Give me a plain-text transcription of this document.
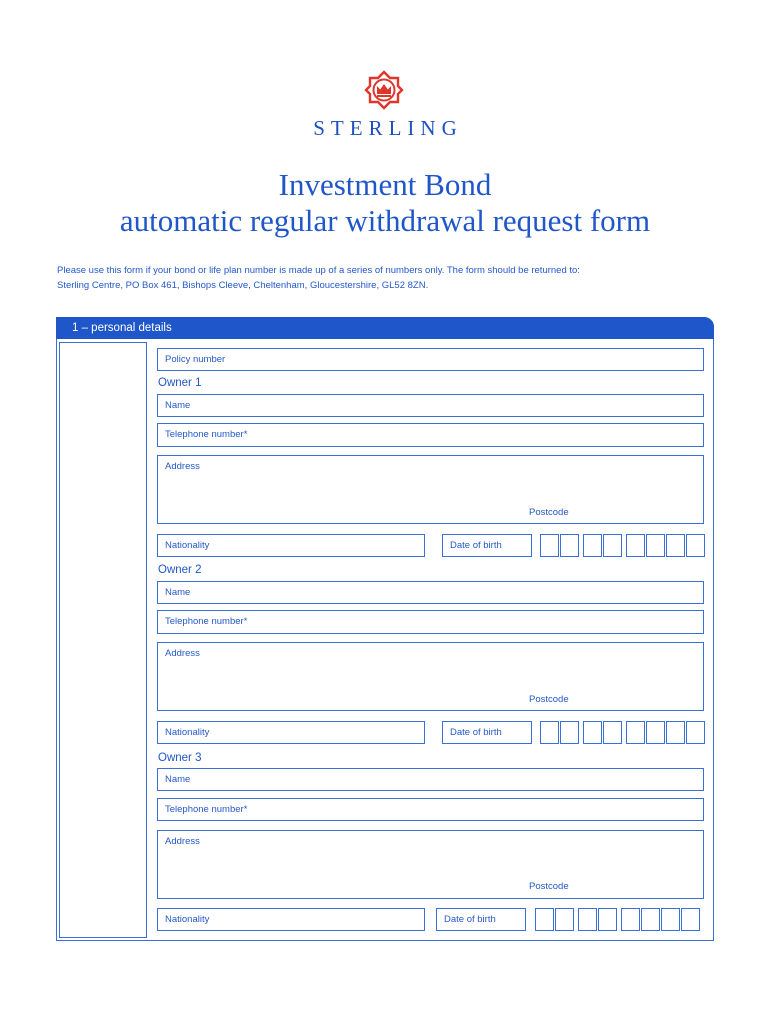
STERLING
Investment Bond
automatic regular withdrawal request form
Please use this form if your bond or life plan number is made up of a series of numbers only. The form should be returned to:
Sterling Centre, PO Box 461, Bishops Cleeve, Cheltenham, Gloucestershire, GL52 8ZN.
1 – personal details
Policy number
Owner 1
Name
Telephone number*
Address
Postcode
Nationality	Date of birth
Owner 2
Name
Telephone number*
Address
Postcode
Nationality	Date of birth
Owner 3
Name
Telephone number*
Address
Postcode
Nationality	Date of birth
